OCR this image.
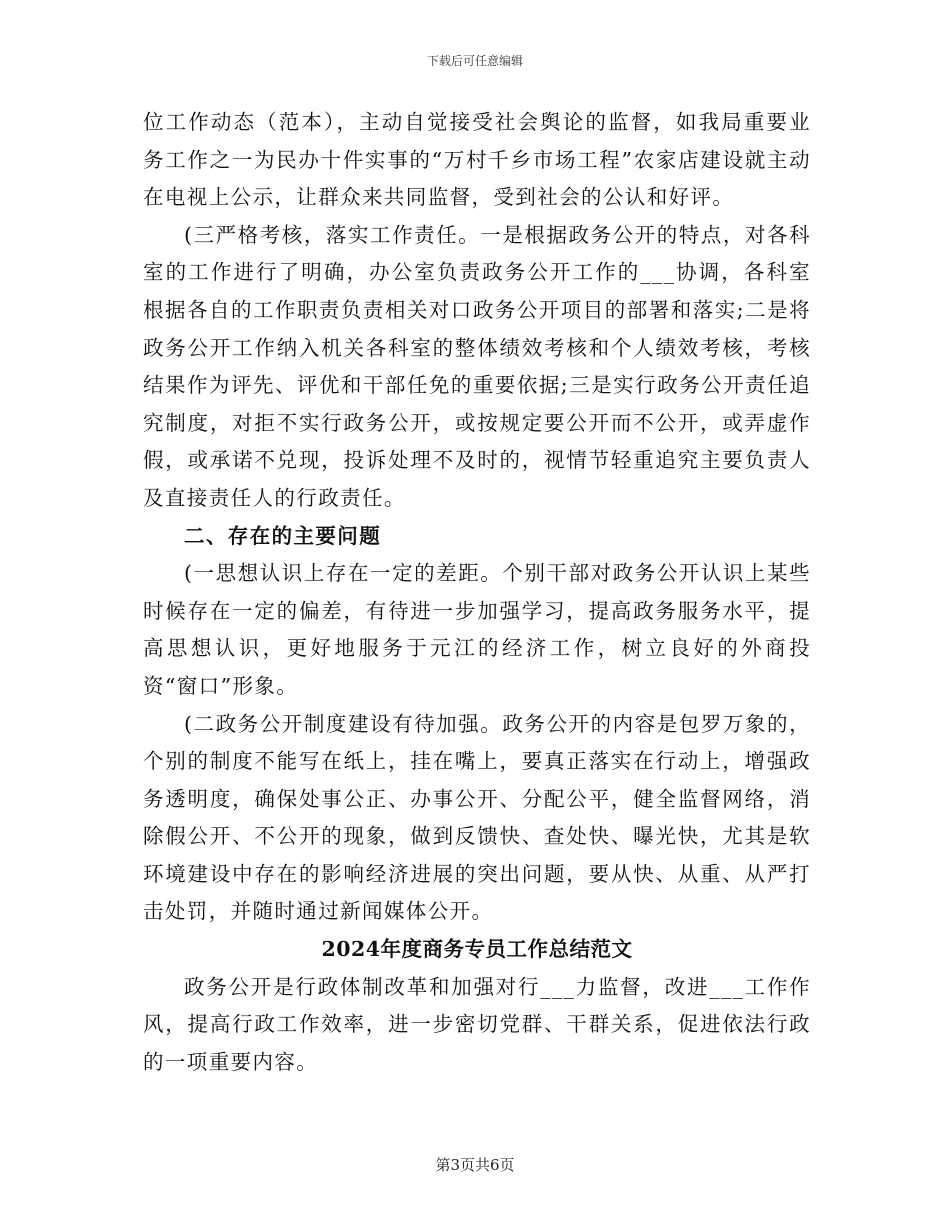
下载后可任意编辑

位工作动态（范本），主动自觉接受社会舆论的监督，如我局重要业务工作之一为民办十件实事的“万村千乡市场工程”农家店建设就主动在电视上公示，让群众来共同监督，受到社会的公认和好评。

(三严格考核，落实工作责任。一是根据政务公开的特点，对各科室的工作进行了明确，办公室负责政务公开工作的___协调，各科室根据各自的工作职责负责相关对口政务公开项目的部署和落实;二是将政务公开工作纳入机关各科室的整体绩效考核和个人绩效考核，考核结果作为评先、评优和干部任免的重要依据;三是实行政务公开责任追究制度，对拒不实行政务公开，或按规定要公开而不公开，或弄虚作假，或承诺不兑现，投诉处理不及时的，视情节轻重追究主要负责人及直接责任人的行政责任。

二、存在的主要问题

(一思想认识上存在一定的差距。个别干部对政务公开认识上某些时候存在一定的偏差，有待进一步加强学习，提高政务服务水平，提高思想认识，更好地服务于元江的经济工作，树立良好的外商投资“窗口”形象。

(二政务公开制度建设有待加强。政务公开的内容是包罗万象的，个别的制度不能写在纸上，挂在嘴上，要真正落实在行动上，增强政务透明度，确保处事公正、办事公开、分配公平，健全监督网络，消除假公开、不公开的现象，做到反馈快、查处快、曝光快，尤其是软环境建设中存在的影响经济进展的突出问题，要从快、从重、从严打击处罚，并随时通过新闻媒体公开。

2024年度商务专员工作总结范文

政务公开是行政体制改革和加强对行___力监督，改进___工作作风，提高行政工作效率，进一步密切党群、干群关系，促进依法行政的一项重要内容。

第3页共6页
